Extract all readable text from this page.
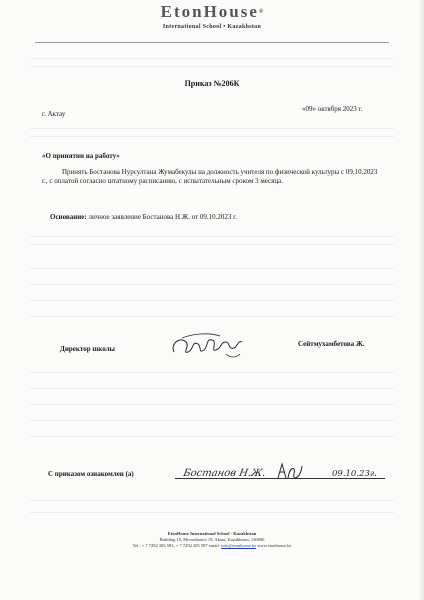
EtonHouse®
International School • Kazakhstan
Приказ №206К
г. Актау
«09» октября 2023 г.
«О принятии на работу»
Принять Бостанова Нурсултана Жумабекулы на должность учителя по физической культуры с 09.10.2023 г., с оплатой согласно штатному расписанию, с испытательным сроком 3 месяца.
Основание: личное заявление Бостанова Н.Ж. от 09.10.2023 г.
Директор школы
Сейтмухамбетова Ж.
С приказом ознакомлен (а)	Бостанов Н.Ж.	09.10.23г.
EtonHouse International School - Kazakhstan
Building 10, Microdistrict 19, Aktau, Kazakhstan, 130000
Tel.: + 7 7292 305 583, + 7 7292 305 587 email: info@etonhouse.kz www.etonhouse.kz
